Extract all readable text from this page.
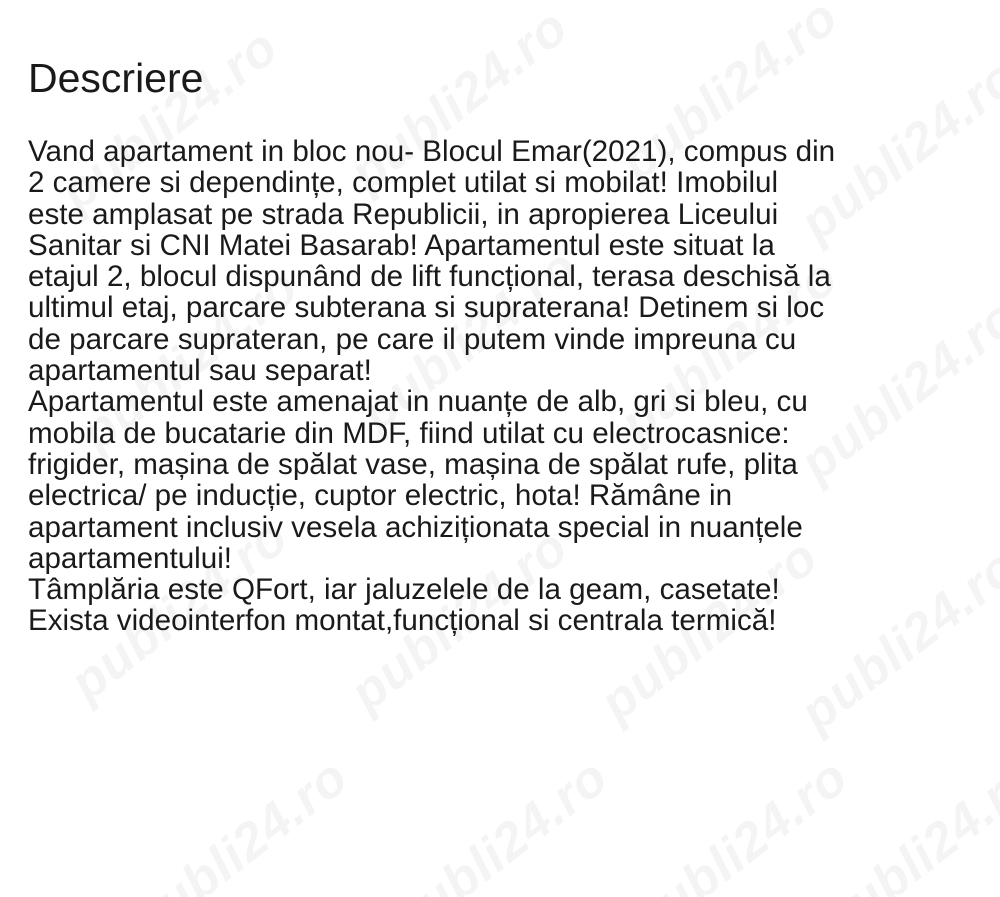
Descriere
Vand apartament in bloc nou- Blocul Emar(2021), compus din
2 camere si dependințe, complet utilat si mobilat! Imobilul
este amplasat pe strada Republicii, in apropierea Liceului
Sanitar si CNI Matei Basarab! Apartamentul este situat la
etajul 2, blocul dispunând de lift funcțional, terasa deschisă la
ultimul etaj, parcare subterana si supraterana! Detinem si loc
de parcare suprateran, pe care il putem vinde impreuna cu
apartamentul sau separat!
Apartamentul este amenajat in nuanțe de alb, gri si bleu, cu
mobila de bucatarie din MDF, fiind utilat cu electrocasnice:
frigider, mașina de spălat vase, mașina de spălat rufe, plita
electrica/ pe inducție, cuptor electric, hota! Rămâne in
apartament inclusiv vesela achiziționata special in nuanțele
apartamentului!
Tâmplăria este QFort, iar jaluzelele de la geam, casetate!
Exista videointerfon montat,funcțional si centrala termică!
